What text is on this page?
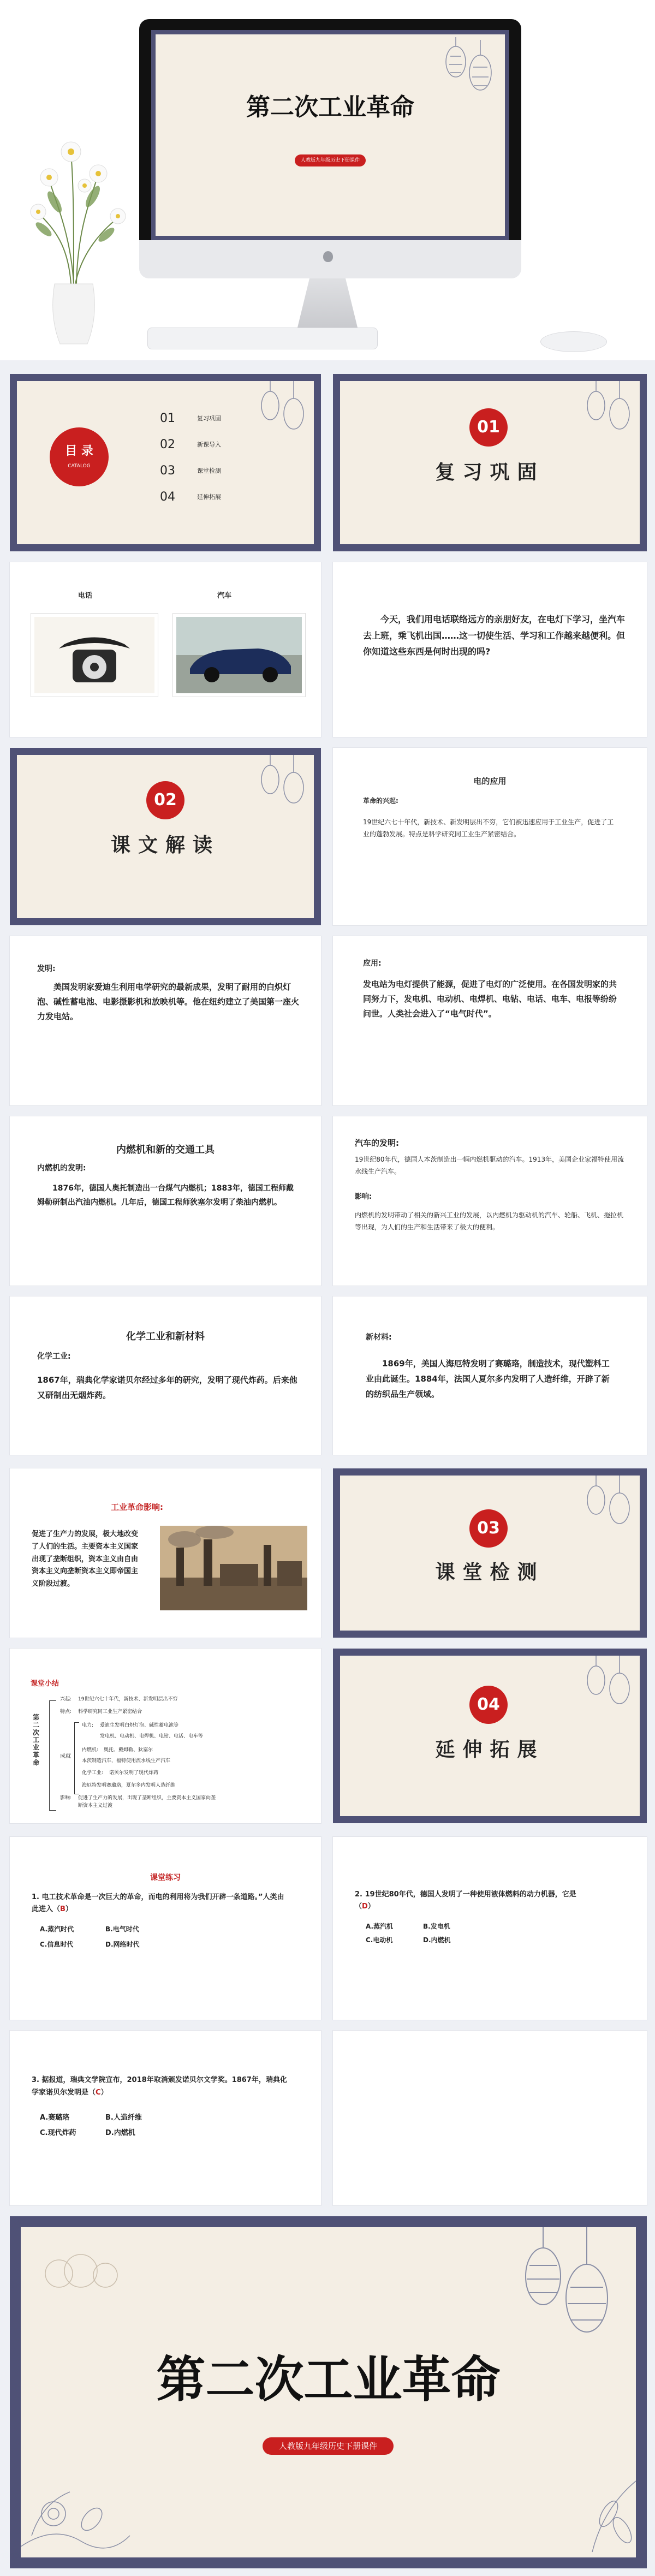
第二次工业革命
人教版九年级历史下册课件
目 录
CATALOG
01	复习巩固
02	新课导入
03	课堂检测
04	延伸拓展
01
复习巩固
电话	汽车
今天，我们用电话联络远方的亲朋好友，在电灯下学习，坐汽车去上班，乘飞机出国……这一切使生活、学习和工作越来越便利。但你知道这些东西是何时出现的吗?
02
课文解读
电的应用
革命的兴起:
19世纪六七十年代，新技术、新发明层出不穷，它们被迅速应用于工业生产，促进了工业的蓬勃发展。特点是科学研究同工业生产紧密结合。
发明:
美国发明家爱迪生利用电学研究的最新成果，发明了耐用的白炽灯泡、碱性蓄电池、电影摄影机和放映机等。他在纽约建立了美国第一座火力发电站。
应用:
发电站为电灯提供了能源，促进了电灯的广泛使用。在各国发明家的共同努力下，发电机、电动机、电焊机、电钻、电话、电车、电报等纷纷问世。人类社会进入了“电气时代”。
内燃机和新的交通工具
内燃机的发明:
1876年，德国人奥托制造出一台煤气内燃机；1883年，德国工程师戴姆勒研制出汽油内燃机。几年后，德国工程师狄塞尔发明了柴油内燃机。
汽车的发明:
19世纪80年代，德国人本茨制造出一辆内燃机驱动的汽车。1913年，美国企业家福特使用流水线生产汽车。
影响:
内燃机的发明带动了相关的新兴工业的发展，以内燃机为驱动机的汽车、轮船、飞机、拖拉机等出现，为人们的生产和生活带来了极大的便利。
化学工业和新材料
化学工业:
1867年，瑞典化学家诺贝尔经过多年的研究，发明了现代炸药。后来他又研制出无烟炸药。
新材料:
1869年，美国人海厄特发明了赛璐珞，制造技术，现代塑料工业由此诞生。1884年，法国人夏尔多内发明了人造纤维，开辟了新的纺织品生产领域。
工业革命影响:
促进了生产力的发展，极大地改变了人们的生活。主要资本主义国家出现了垄断组织，资本主义由自由资本主义向垄断资本主义即帝国主义阶段过渡。
03
课堂检测
课堂小结
第二次工业革命
成就
兴起: 19世纪六七十年代，新技术、新发明层出不穷
特点: 科学研究同工业生产紧密结合
电力: 爱迪生发明白炽灯泡、碱性蓄电池等
发电机、电动机、电焊机、电钻、电话、电车等
内燃机: 奥托、戴姆勒、狄塞尔
本茨制造汽车，福特使用流水线生产汽车
化学工业: 诺贝尔发明了现代炸药
海厄特发明赛璐珞，夏尔多内发明人造纤维
影响: 促进了生产力的发展，出现了垄断组织，主要资本主义国家向垄断资本主义过渡
04
延伸拓展
课堂练习
1. 电工技术革命是一次巨大的革命，而电的利用将为我们开辟一条道路。”人类由此进入（B）
A.蒸汽时代	B.电气时代
C.信息时代	D.网络时代
2. 19世纪80年代，德国人发明了一种使用液体燃料的动力机器，它是（D）
A.蒸汽机	B.发电机
C.电动机	D.内燃机
3. 据报道，瑞典文学院宣布，2018年取消颁发诺贝尔文学奖。1867年，瑞典化学家诺贝尔发明是（C）
A.赛璐珞	B.人造纤维
C.现代炸药	D.内燃机
第二次工业革命
人教版九年级历史下册课件
